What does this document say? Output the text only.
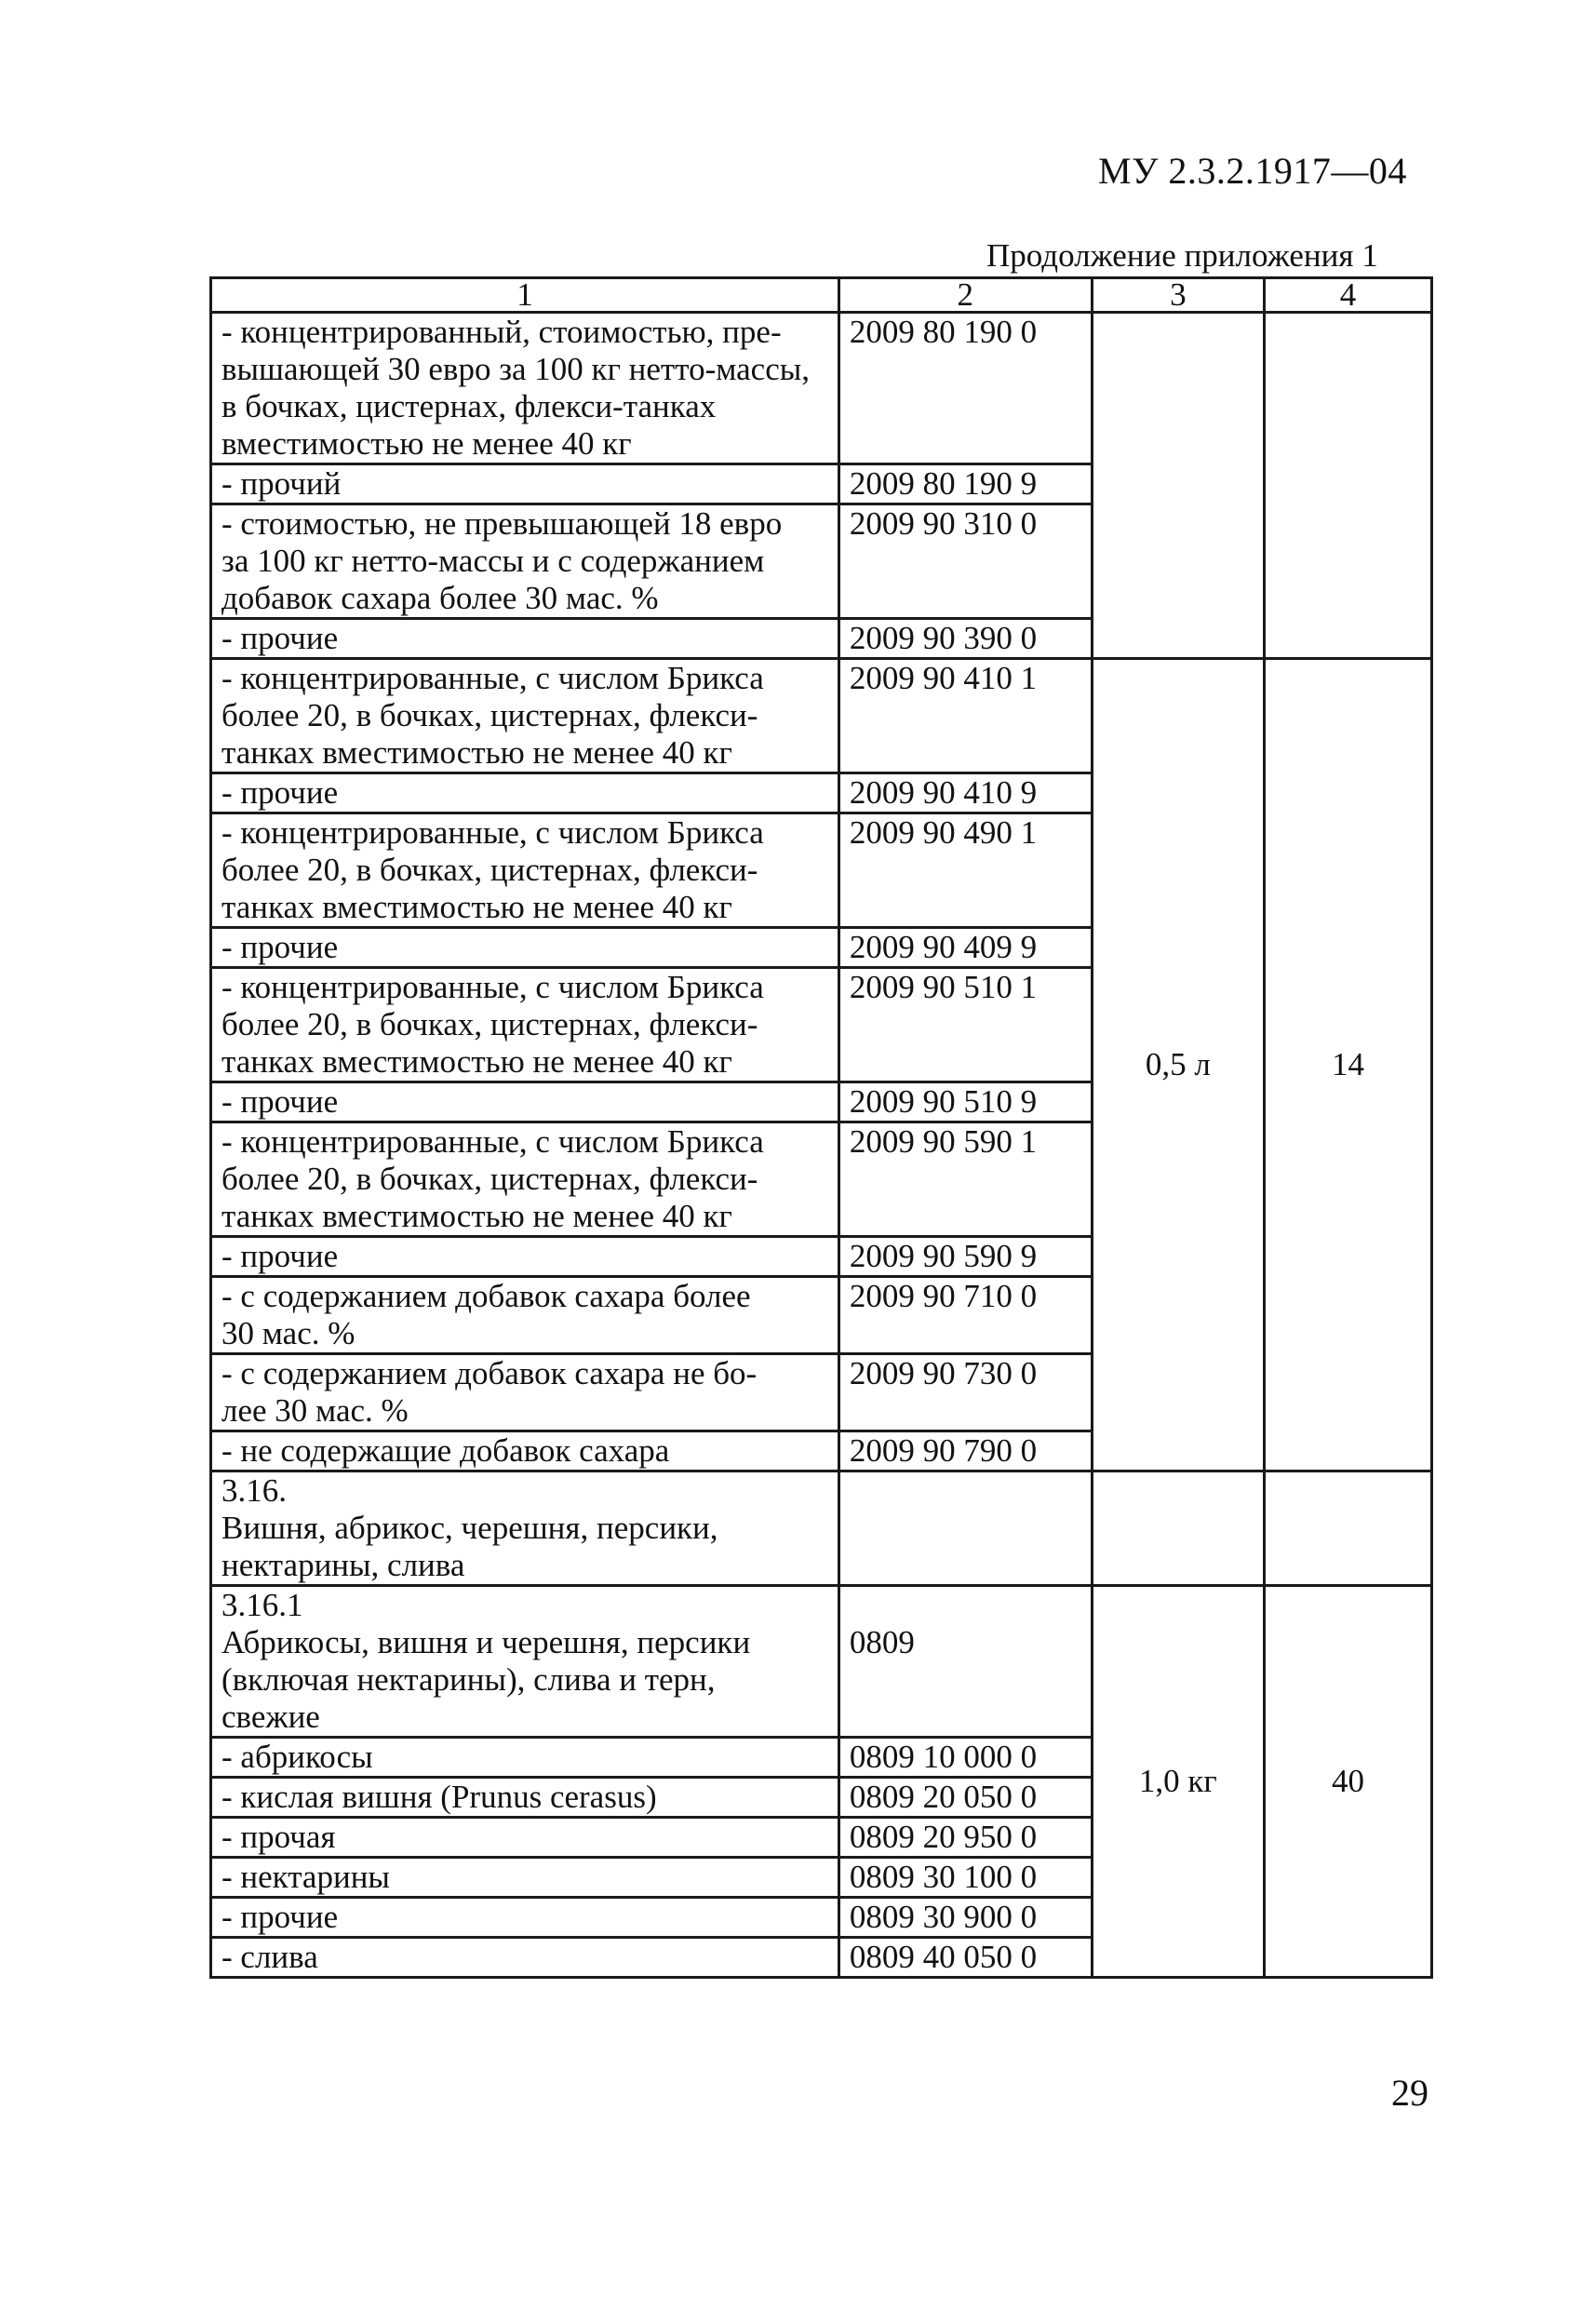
МУ 2.3.2.1917—04
Продолжение приложения 1
1	2	3	4

- концентрированный, стоимостью, пре-
вышающей 30 евро за 100 кг нетто-массы,
в бочках, цистернах, флекси-танках
вместимостью не менее 40 кг	2009 80 190 0		

- прочий	2009 80 190 9		

- стоимостью, не превышающей 18 евро
за 100 кг нетто-массы и с содержанием
добавок сахара более 30 мас. %	2009 90 310 0		

- прочие	2009 90 390 0		

- концентрированные, с числом Брикса
более 20, в бочках, цистернах, флекси-
танках вместимостью не менее 40 кг	2009 90 410 1	0,5 л	14

- прочие	2009 90 410 9		

- концентрированные, с числом Брикса
более 20, в бочках, цистернах, флекси-
танках вместимостью не менее 40 кг	2009 90 490 1		

- прочие	2009 90 409 9		

- концентрированные, с числом Брикса
более 20, в бочках, цистернах, флекси-
танках вместимостью не менее 40 кг	2009 90 510 1		

- прочие	2009 90 510 9		

- концентрированные, с числом Брикса
более 20, в бочках, цистернах, флекси-
танках вместимостью не менее 40 кг	2009 90 590 1		

- прочие	2009 90 590 9		

- с содержанием добавок сахара более
30 мас. %	2009 90 710 0		

- с содержанием добавок сахара не бо-
лее 30 мас. %	2009 90 730 0		

- не содержащие добавок сахара	2009 90 790 0		

3.16.
Вишня, абрикос, черешня, персики,
нектарины, слива			

3.16.1
Абрикосы, вишня и черешня, персики
(включая нектарины), слива и терн,
свежие	0809	1,0 кг	40

- абрикосы	0809 10 000 0		

- кислая вишня (Prunus cerasus)	0809 20 050 0		

- прочая	0809 20 950 0		

- нектарины	0809 30 100 0		

- прочие	0809 30 900 0		

- слива	0809 40 050 0		
29
